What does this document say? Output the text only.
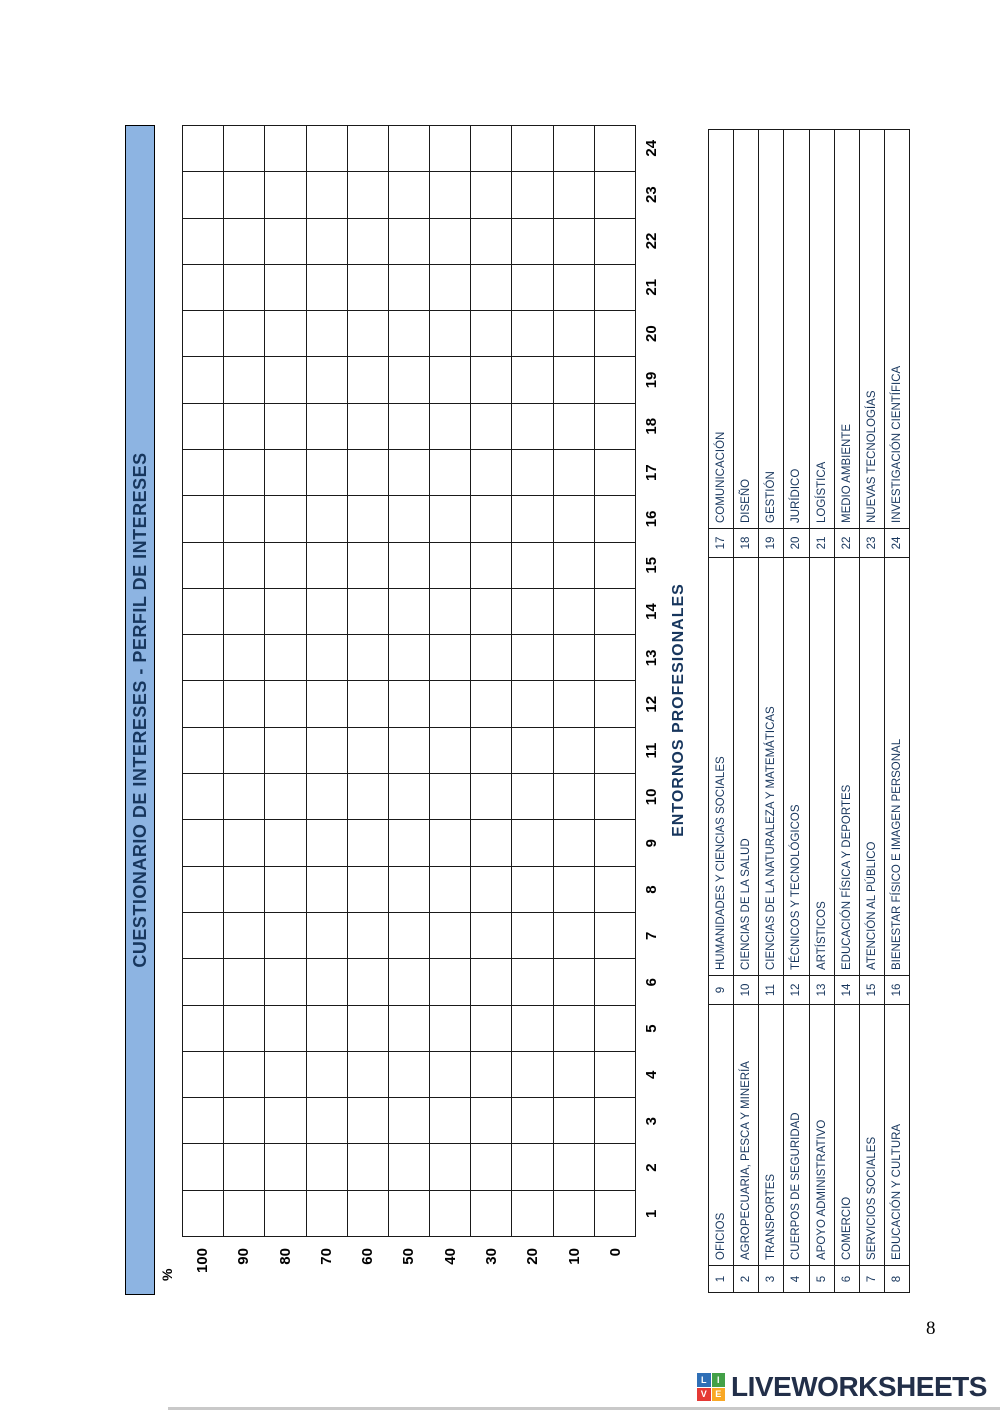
CUESTIONARIO DE INTERESES - PERFIL DE INTERESES
%
100	90	80	70	60	50	40	30	20	10	0
1
2
3
4
5
6
7
8
9
10
11
12
13
14
15
16
17
18
19
20
21
22
23
24
ENTORNOS PROFESIONALES
1
OFICIOS
2
AGROPECUARIA, PESCA Y MINERÍA
3
TRANSPORTES
4
CUERPOS DE SEGURIDAD
5
APOYO ADMINISTRATIVO
6
COMERCIO
7
SERVICIOS SOCIALES
8
EDUCACIÓN Y CULTURA
9
HUMANIDADES Y CIENCIAS SOCIALES
10
CIENCIAS DE LA SALUD
11
CIENCIAS DE LA NATURALEZA Y MATEMÁTICAS
12
TÉCNICOS Y TECNOLÓGICOS
13
ARTÍSTICOS
14
EDUCACIÓN FÍSICA Y DEPORTES
15
ATENCIÓN AL PÚBLICO
16
BIENESTAR FÍSICO E IMAGEN PERSONAL
17
COMUNICACIÓN
18
DISEÑO
19
GESTIÓN
20
JURÍDICO
21
LOGÍSTICA
22
MEDIO AMBIENTE
23
NUEVAS TECNOLOGÍAS
24
INVESTIGACIÓN CIENTÍFICA
8
L	I
V E LIVEWORKSHEETS
